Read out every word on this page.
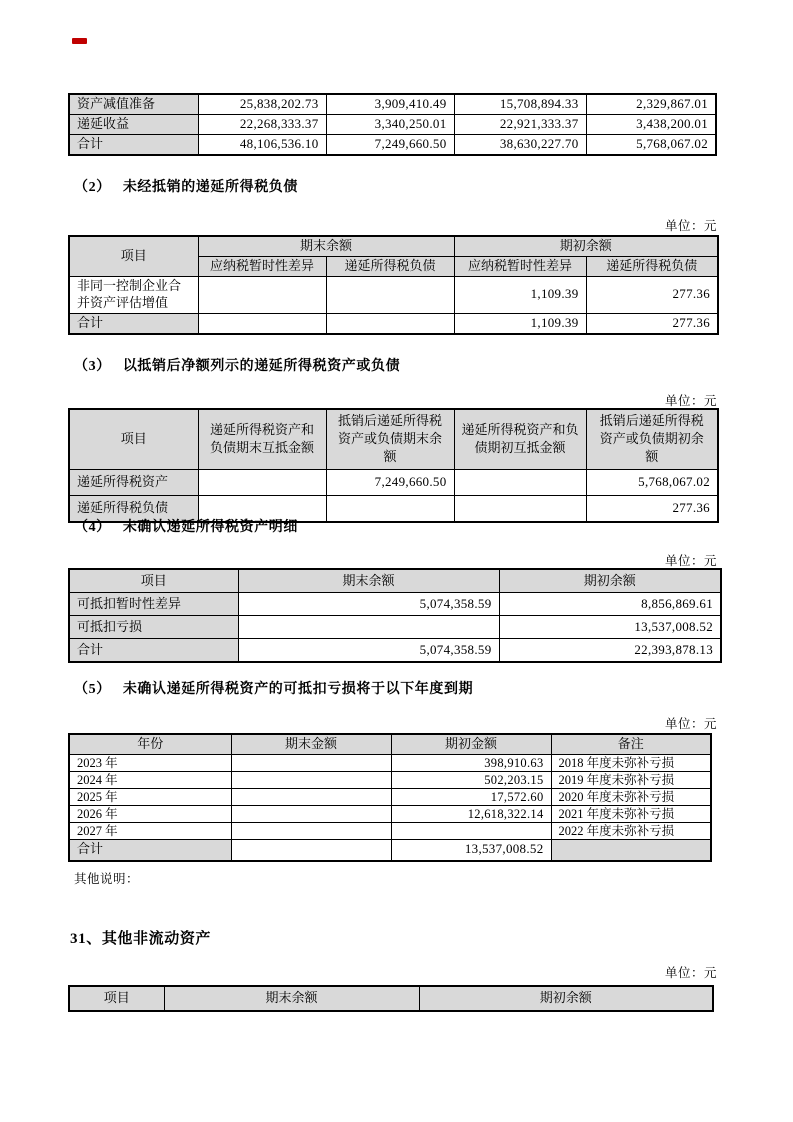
资产减值准备	25,838,202.73	3,909,410.49	15,708,894.33	2,329,867.01
递延收益	22,268,333.37	3,340,250.01	22,921,333.37	3,438,200.01
合计	48,106,536.10	7,249,660.50	38,630,227.70	5,768,067.02
（2） 未经抵销的递延所得税负债
单位：元
项目	期末余额		期初余额	
	应纳税暂时性差异	递延所得税负债	应纳税暂时性差异	递延所得税负债
非同一控制企业合并资产评估增值			1,109.39	277.36
合计			1,109.39	277.36
（3） 以抵销后净额列示的递延所得税资产或负债
单位：元
项目	递延所得税资产和负债期末互抵金额	抵销后递延所得税资产或负债期末余额	递延所得税资产和负债期初互抵金额	抵销后递延所得税资产或负债期初余额
递延所得税资产		7,249,660.50		5,768,067.02
递延所得税负债				277.36
（4） 未确认递延所得税资产明细
单位：元
项目	期末余额	期初余额
可抵扣暂时性差异	5,074,358.59	8,856,869.61
可抵扣亏损		13,537,008.52
合计	5,074,358.59	22,393,878.13
（5） 未确认递延所得税资产的可抵扣亏损将于以下年度到期
单位：元
年份	期末金额	期初金额	备注
2023 年		398,910.63	2018 年度未弥补亏损
2024 年		502,203.15	2019 年度未弥补亏损
2025 年		17,572.60	2020 年度未弥补亏损
2026 年		12,618,322.14	2021 年度未弥补亏损
2027 年			2022 年度未弥补亏损
合计		13,537,008.52	
其他说明：
31、其他非流动资产
单位：元
项目	期末余额	期初余额
